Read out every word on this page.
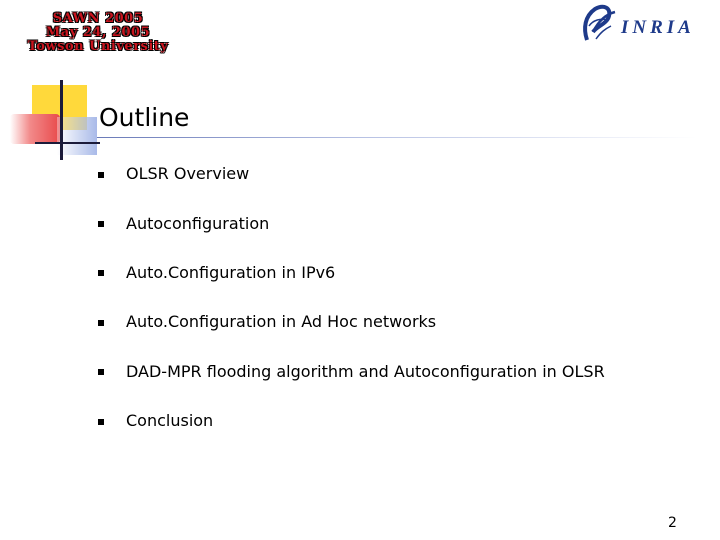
SAWN 2005
May 24, 2005
Towson University
INRIA
Outline
OLSR Overview
Autoconfiguration
Auto.Configuration in IPv6
Auto.Configuration in Ad Hoc networks
DAD-MPR flooding algorithm and Autoconfiguration in OLSR
Conclusion
2
